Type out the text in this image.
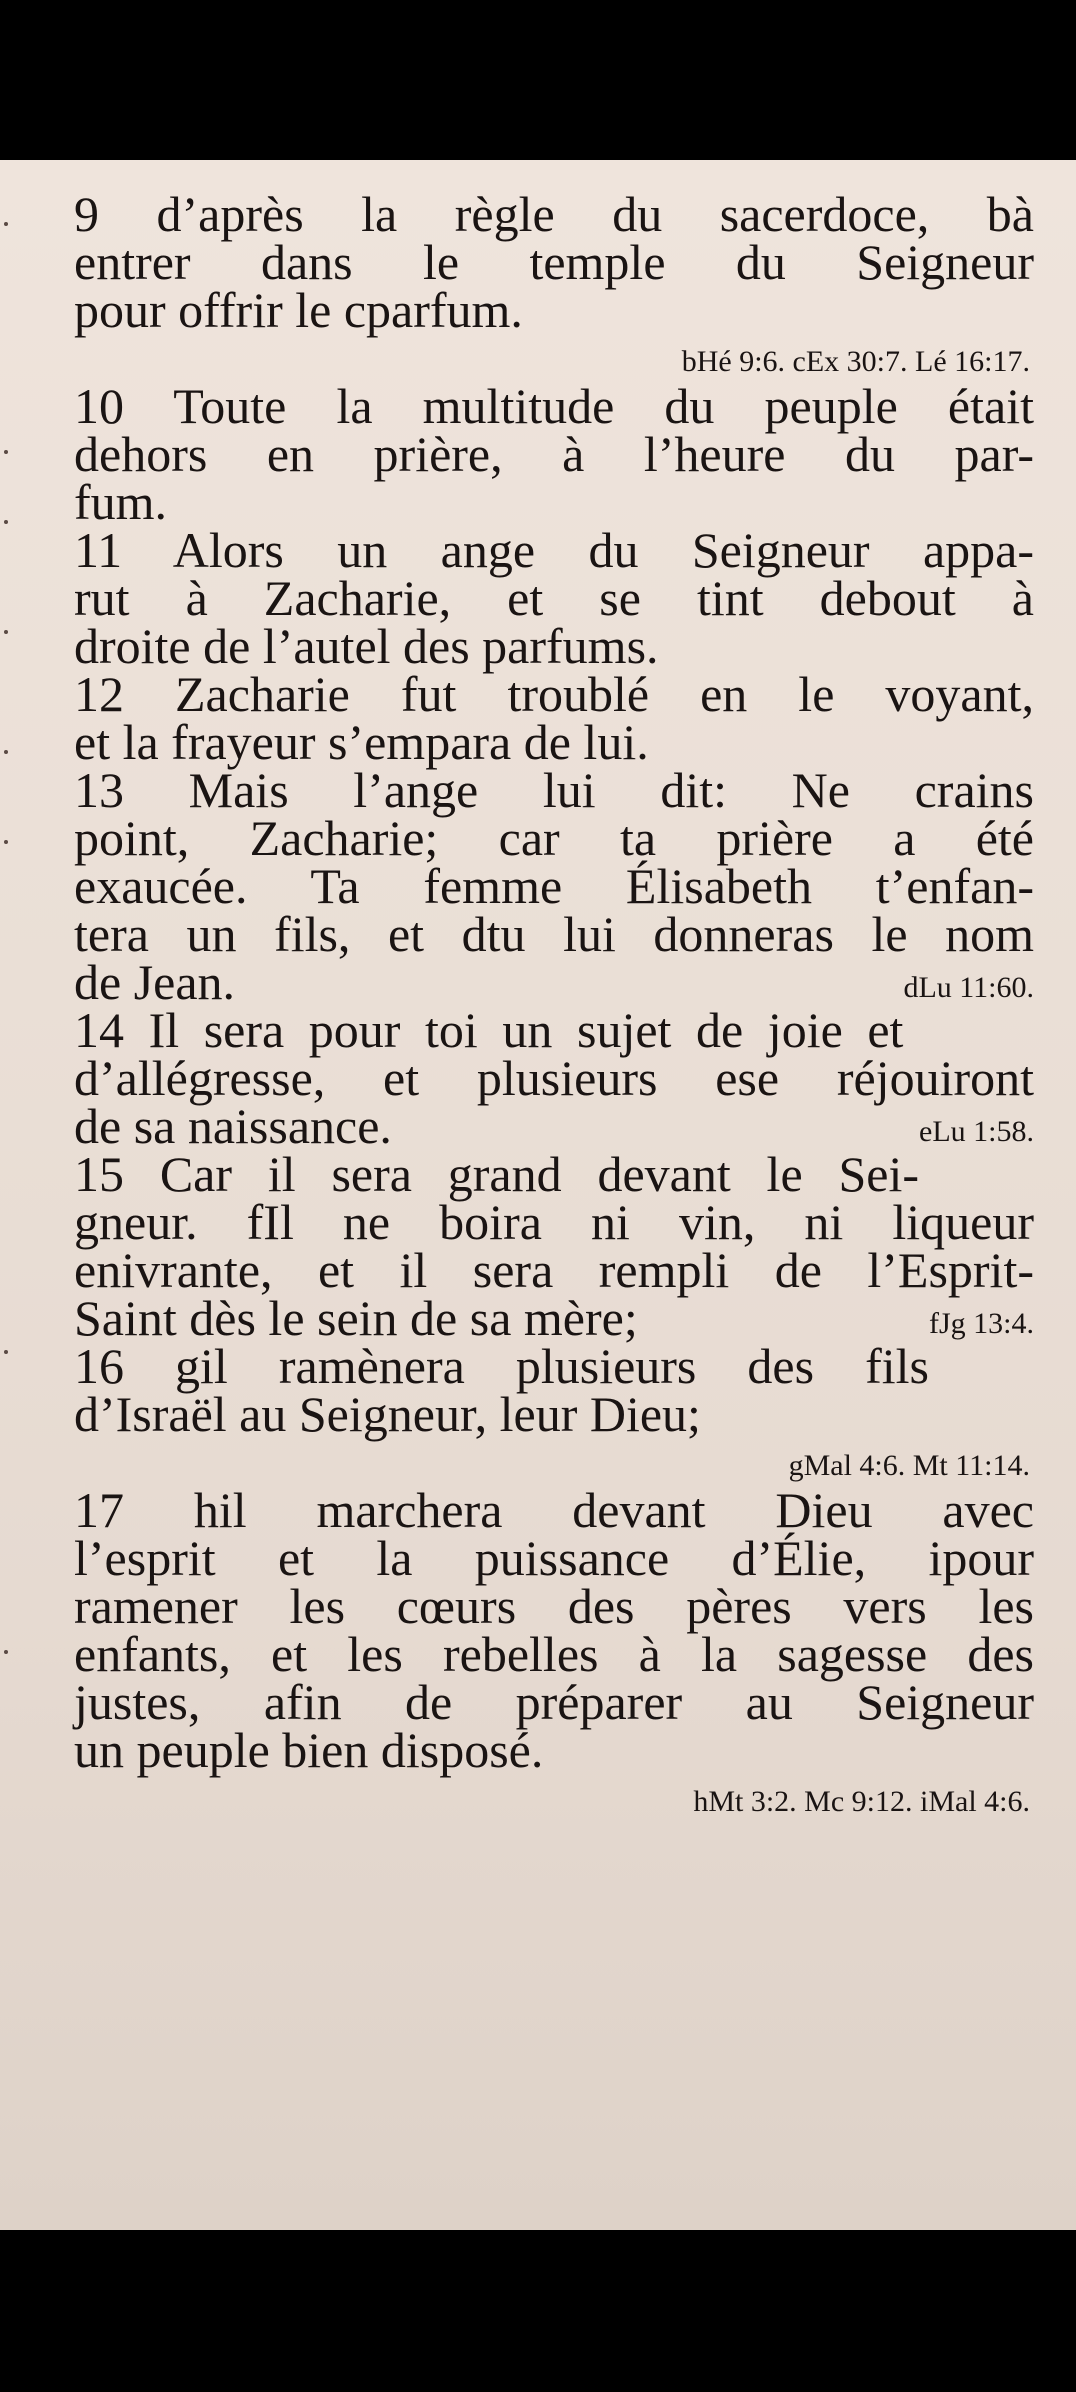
9 d’après la règle du sacerdoce, bà
entrer dans le temple du Seigneur
pour offrir le cparfum.
bHé 9:6. cEx 30:7. Lé 16:17.
10 Toute la multitude du peuple était
dehors en prière, à l’heure du par-
fum.
11 Alors un ange du Seigneur appa-
rut à Zacharie, et se tint debout à
droite de l’autel des parfums.
12 Zacharie fut troublé en le voyant,
et la frayeur s’empara de lui.
13 Mais l’ange lui dit: Ne crains
point, Zacharie; car ta prière a été
exaucée. Ta femme Élisabeth t’enfan-
tera un fils, et dtu lui donneras le nom
de Jean.	dLu 11:60.
14 Il sera pour toi un sujet de joie et
d’allégresse, et plusieurs ese réjouiront
de sa naissance.	eLu 1:58.
15 Car il sera grand devant le Sei-
gneur. fIl ne boira ni vin, ni liqueur
enivrante, et il sera rempli de l’Esprit-
Saint dès le sein de sa mère;	fJg 13:4.
16 gil ramènera plusieurs des fils
d’Israël au Seigneur, leur Dieu;
gMal 4:6. Mt 11:14.
17 hil marchera devant Dieu avec
l’esprit et la puissance d’Élie, ipour
ramener les cœurs des pères vers les
enfants, et les rebelles à la sagesse des
justes, afin de préparer au Seigneur
un peuple bien disposé.
hMt 3:2. Mc 9:12. iMal 4:6.
